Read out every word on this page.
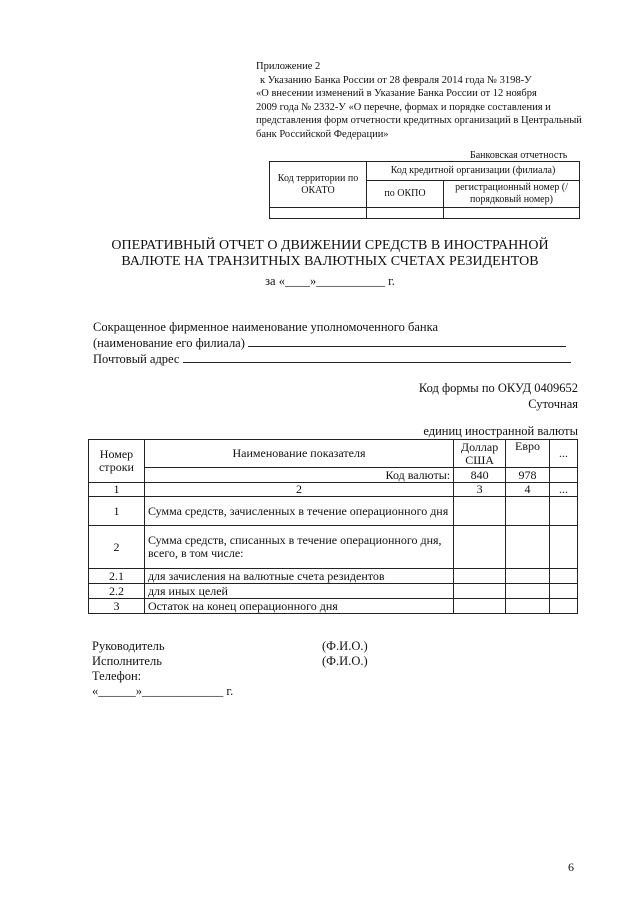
Приложение 2
к Указанию Банка России от 28 февраля 2014 года № 3198-У
«О внесении изменений в Указание Банка России от 12 ноября
2009 года № 2332-У «О перечне, формах и порядке составления и
представления форм отчетности кредитных организаций в Центральный
банк Российской Федерации»
Банковская отчетность
Код территории по ОКАТО	Код кредитной организации (филиала)	
	по ОКПО	регистрационный номер (/порядковый номер)

ОПЕРАТИВНЫЙ ОТЧЕТ О ДВИЖЕНИИ СРЕДСТВ В ИНОСТРАННОЙ
ВАЛЮТЕ НА ТРАНЗИТНЫХ ВАЛЮТНЫХ СЧЕТАХ РЕЗИДЕНТОВ
за «____»___________ г.
Сокращенное фирменное наименование уполномоченного банка
(наименование его филиала)
Почтовый адрес
Код формы по ОКУД 0409652
Суточная
единиц иностранной валюты
Номер строки	Наименование показателя	Доллар США	Евро	...
	Код валюты:	840	978	
1	2	3	4	...
1	Сумма средств, зачисленных в течение операционного дня			
2	Сумма средств, списанных в течение операционного дня, всего, в том числе:			
2.1	для зачисления на валютные счета резидентов			
2.2	для иных целей			
3	Остаток на конец операционного дня			
Руководитель	(Ф.И.О.)
Исполнитель	(Ф.И.О.)
Телефон:
«______»_____________ г.
6
